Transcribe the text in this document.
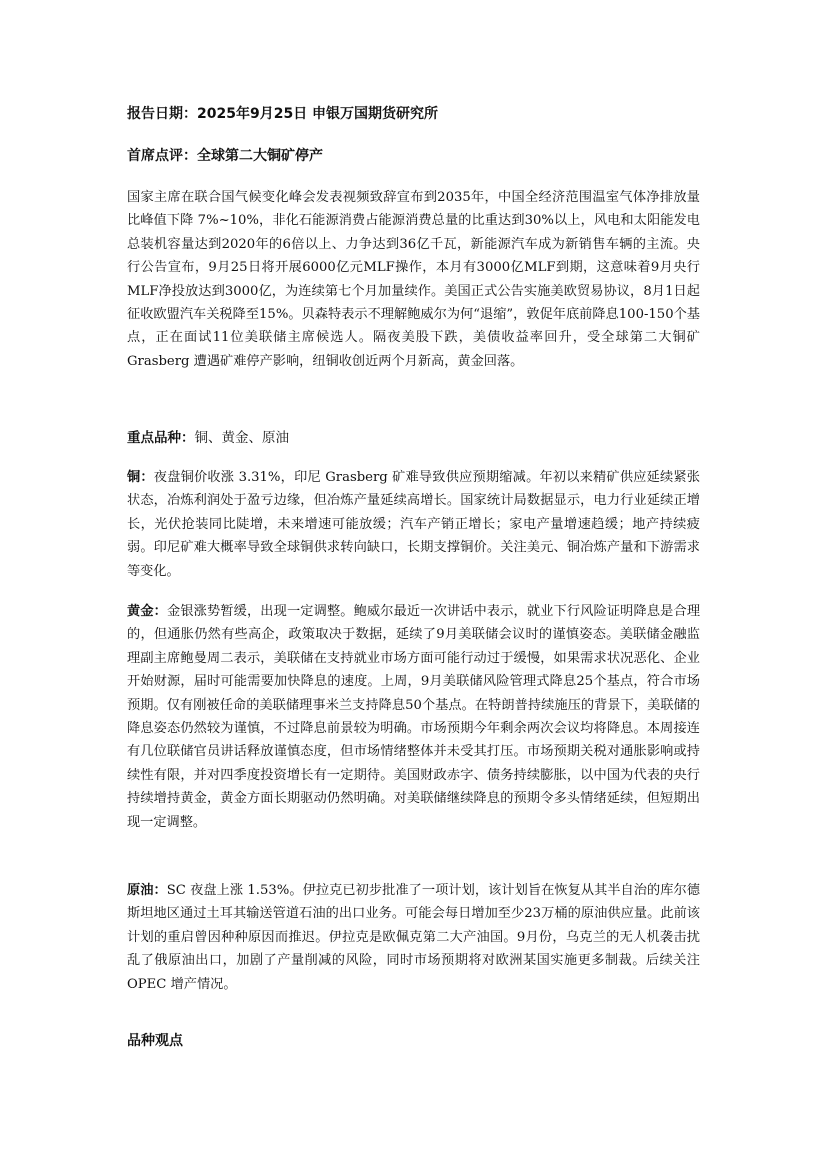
报告日期：2025年9月25日 申银万国期货研究所
首席点评：全球第二大铜矿停产

国家主席在联合国气候变化峰会发表视频致辞宣布到2035年，中国全经济范围温室气体净排放量比峰值下降 7%~10%，非化石能源消费占能源消费总量的比重达到30%以上，风电和太阳能发电总装机容量达到2020年的6倍以上、力争达到36亿千瓦，新能源汽车成为新销售车辆的主流。央行公告宣布，9月25日将开展6000亿元MLF操作，本月有3000亿MLF到期，这意味着9月央行MLF净投放达到3000亿，为连续第七个月加量续作。美国正式公告实施美欧贸易协议，8月1日起征收欧盟汽车关税降至15%。贝森特表示不理解鲍威尔为何“退缩”，敦促年底前降息100-150个基点，正在面试11位美联储主席候选人。隔夜美股下跌，美债收益率回升，受全球第二大铜矿 Grasberg 遭遇矿难停产影响，纽铜收创近两个月新高，黄金回落。

重点品种：铜、黄金、原油

铜：夜盘铜价收涨 3.31%，印尼 Grasberg 矿难导致供应预期缩减。年初以来精矿供应延续紧张状态，冶炼利润处于盈亏边缘，但冶炼产量延续高增长。国家统计局数据显示，电力行业延续正增长，光伏抢装同比陡增，未来增速可能放缓；汽车产销正增长；家电产量增速趋缓；地产持续疲弱。印尼矿难大概率导致全球铜供求转向缺口，长期支撑铜价。关注美元、铜冶炼产量和下游需求等变化。

黄金：金银涨势暂缓，出现一定调整。鲍威尔最近一次讲话中表示，就业下行风险证明降息是合理的，但通胀仍然有些高企，政策取决于数据，延续了9月美联储会议时的谨慎姿态。美联储金融监理副主席鲍曼周二表示，美联储在支持就业市场方面可能行动过于缓慢，如果需求状况恶化、企业开始财源，届时可能需要加快降息的速度。上周，9月美联储风险管理式降息25个基点，符合市场预期。仅有刚被任命的美联储理事米兰支持降息50个基点。在特朗普持续施压的背景下，美联储的降息姿态仍然较为谨慎，不过降息前景较为明确。市场预期今年剩余两次会议均将降息。本周接连有几位联储官员讲话释放谨慎态度，但市场情绪整体并未受其打压。市场预期关税对通胀影响或持续性有限，并对四季度投资增长有一定期待。美国财政赤字、债务持续膨胀，以中国为代表的央行持续增持黄金，黄金方面长期驱动仍然明确。对美联储继续降息的预期令多头情绪延续，但短期出现一定调整。

原油：SC 夜盘上涨 1.53%。伊拉克已初步批准了一项计划，该计划旨在恢复从其半自治的库尔德斯坦地区通过土耳其输送管道石油的出口业务。可能会每日增加至少23万桶的原油供应量。此前该计划的重启曾因种种原因而推迟。伊拉克是欧佩克第二大产油国。9月份，乌克兰的无人机袭击扰乱了俄原油出口，加剧了产量削减的风险，同时市场预期将对欧洲某国实施更多制裁。后续关注 OPEC 增产情况。

品种观点
